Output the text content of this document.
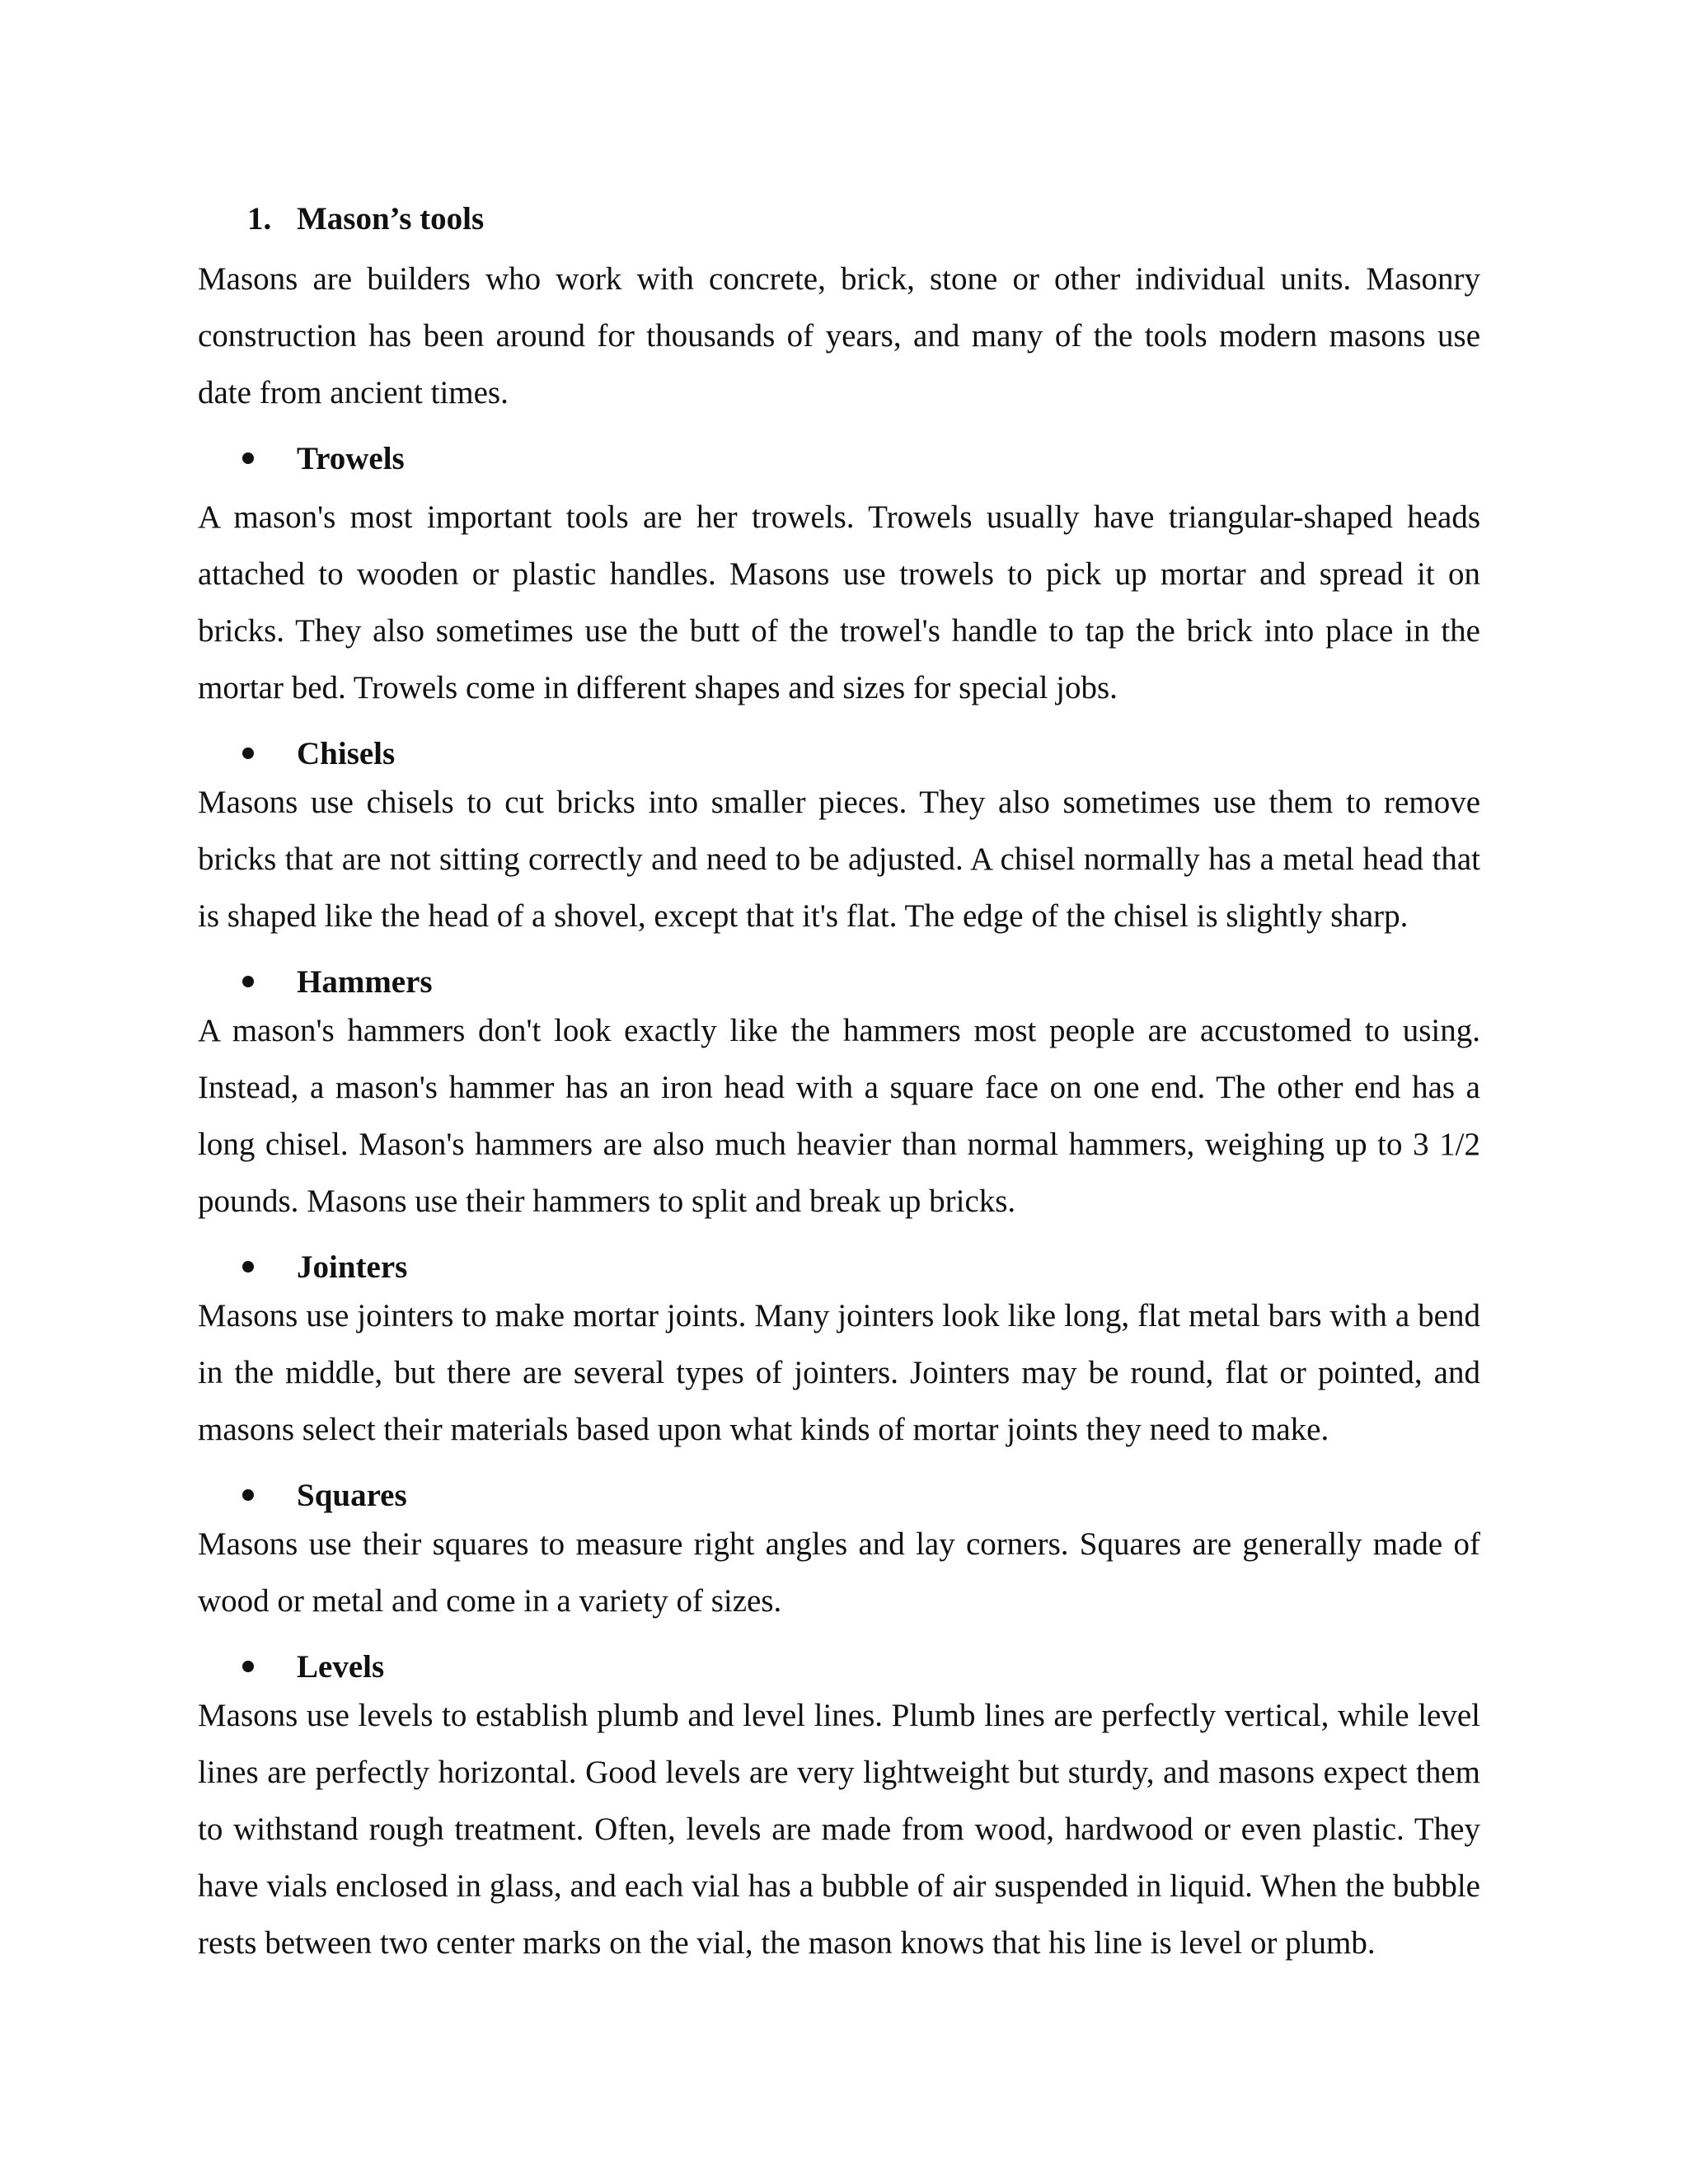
1. Mason’s tools

Masons are builders who work with concrete, brick, stone or other individual units. Masonry construction has been around for thousands of years, and many of the tools modern masons use date from ancient times.

Trowels

A mason's most important tools are her trowels. Trowels usually have triangular-shaped heads attached to wooden or plastic handles. Masons use trowels to pick up mortar and spread it on bricks. They also sometimes use the butt of the trowel's handle to tap the brick into place in the mortar bed. Trowels come in different shapes and sizes for special jobs.

Chisels

Masons use chisels to cut bricks into smaller pieces. They also sometimes use them to remove bricks that are not sitting correctly and need to be adjusted. A chisel normally has a metal head that is shaped like the head of a shovel, except that it's flat. The edge of the chisel is slightly sharp.

Hammers

A mason's hammers don't look exactly like the hammers most people are accustomed to using. Instead, a mason's hammer has an iron head with a square face on one end. The other end has a long chisel. Mason's hammers are also much heavier than normal hammers, weighing up to 3 1/2 pounds. Masons use their hammers to split and break up bricks.

Jointers

Masons use jointers to make mortar joints. Many jointers look like long, flat metal bars with a bend in the middle, but there are several types of jointers. Jointers may be round, flat or pointed, and masons select their materials based upon what kinds of mortar joints they need to make.

Squares

Masons use their squares to measure right angles and lay corners. Squares are generally made of wood or metal and come in a variety of sizes.

Levels

Masons use levels to establish plumb and level lines. Plumb lines are perfectly vertical, while level lines are perfectly horizontal. Good levels are very lightweight but sturdy, and masons expect them to withstand rough treatment. Often, levels are made from wood, hardwood or even plastic. They have vials enclosed in glass, and each vial has a bubble of air suspended in liquid. When the bubble rests between two center marks on the vial, the mason knows that his line is level or plumb.
